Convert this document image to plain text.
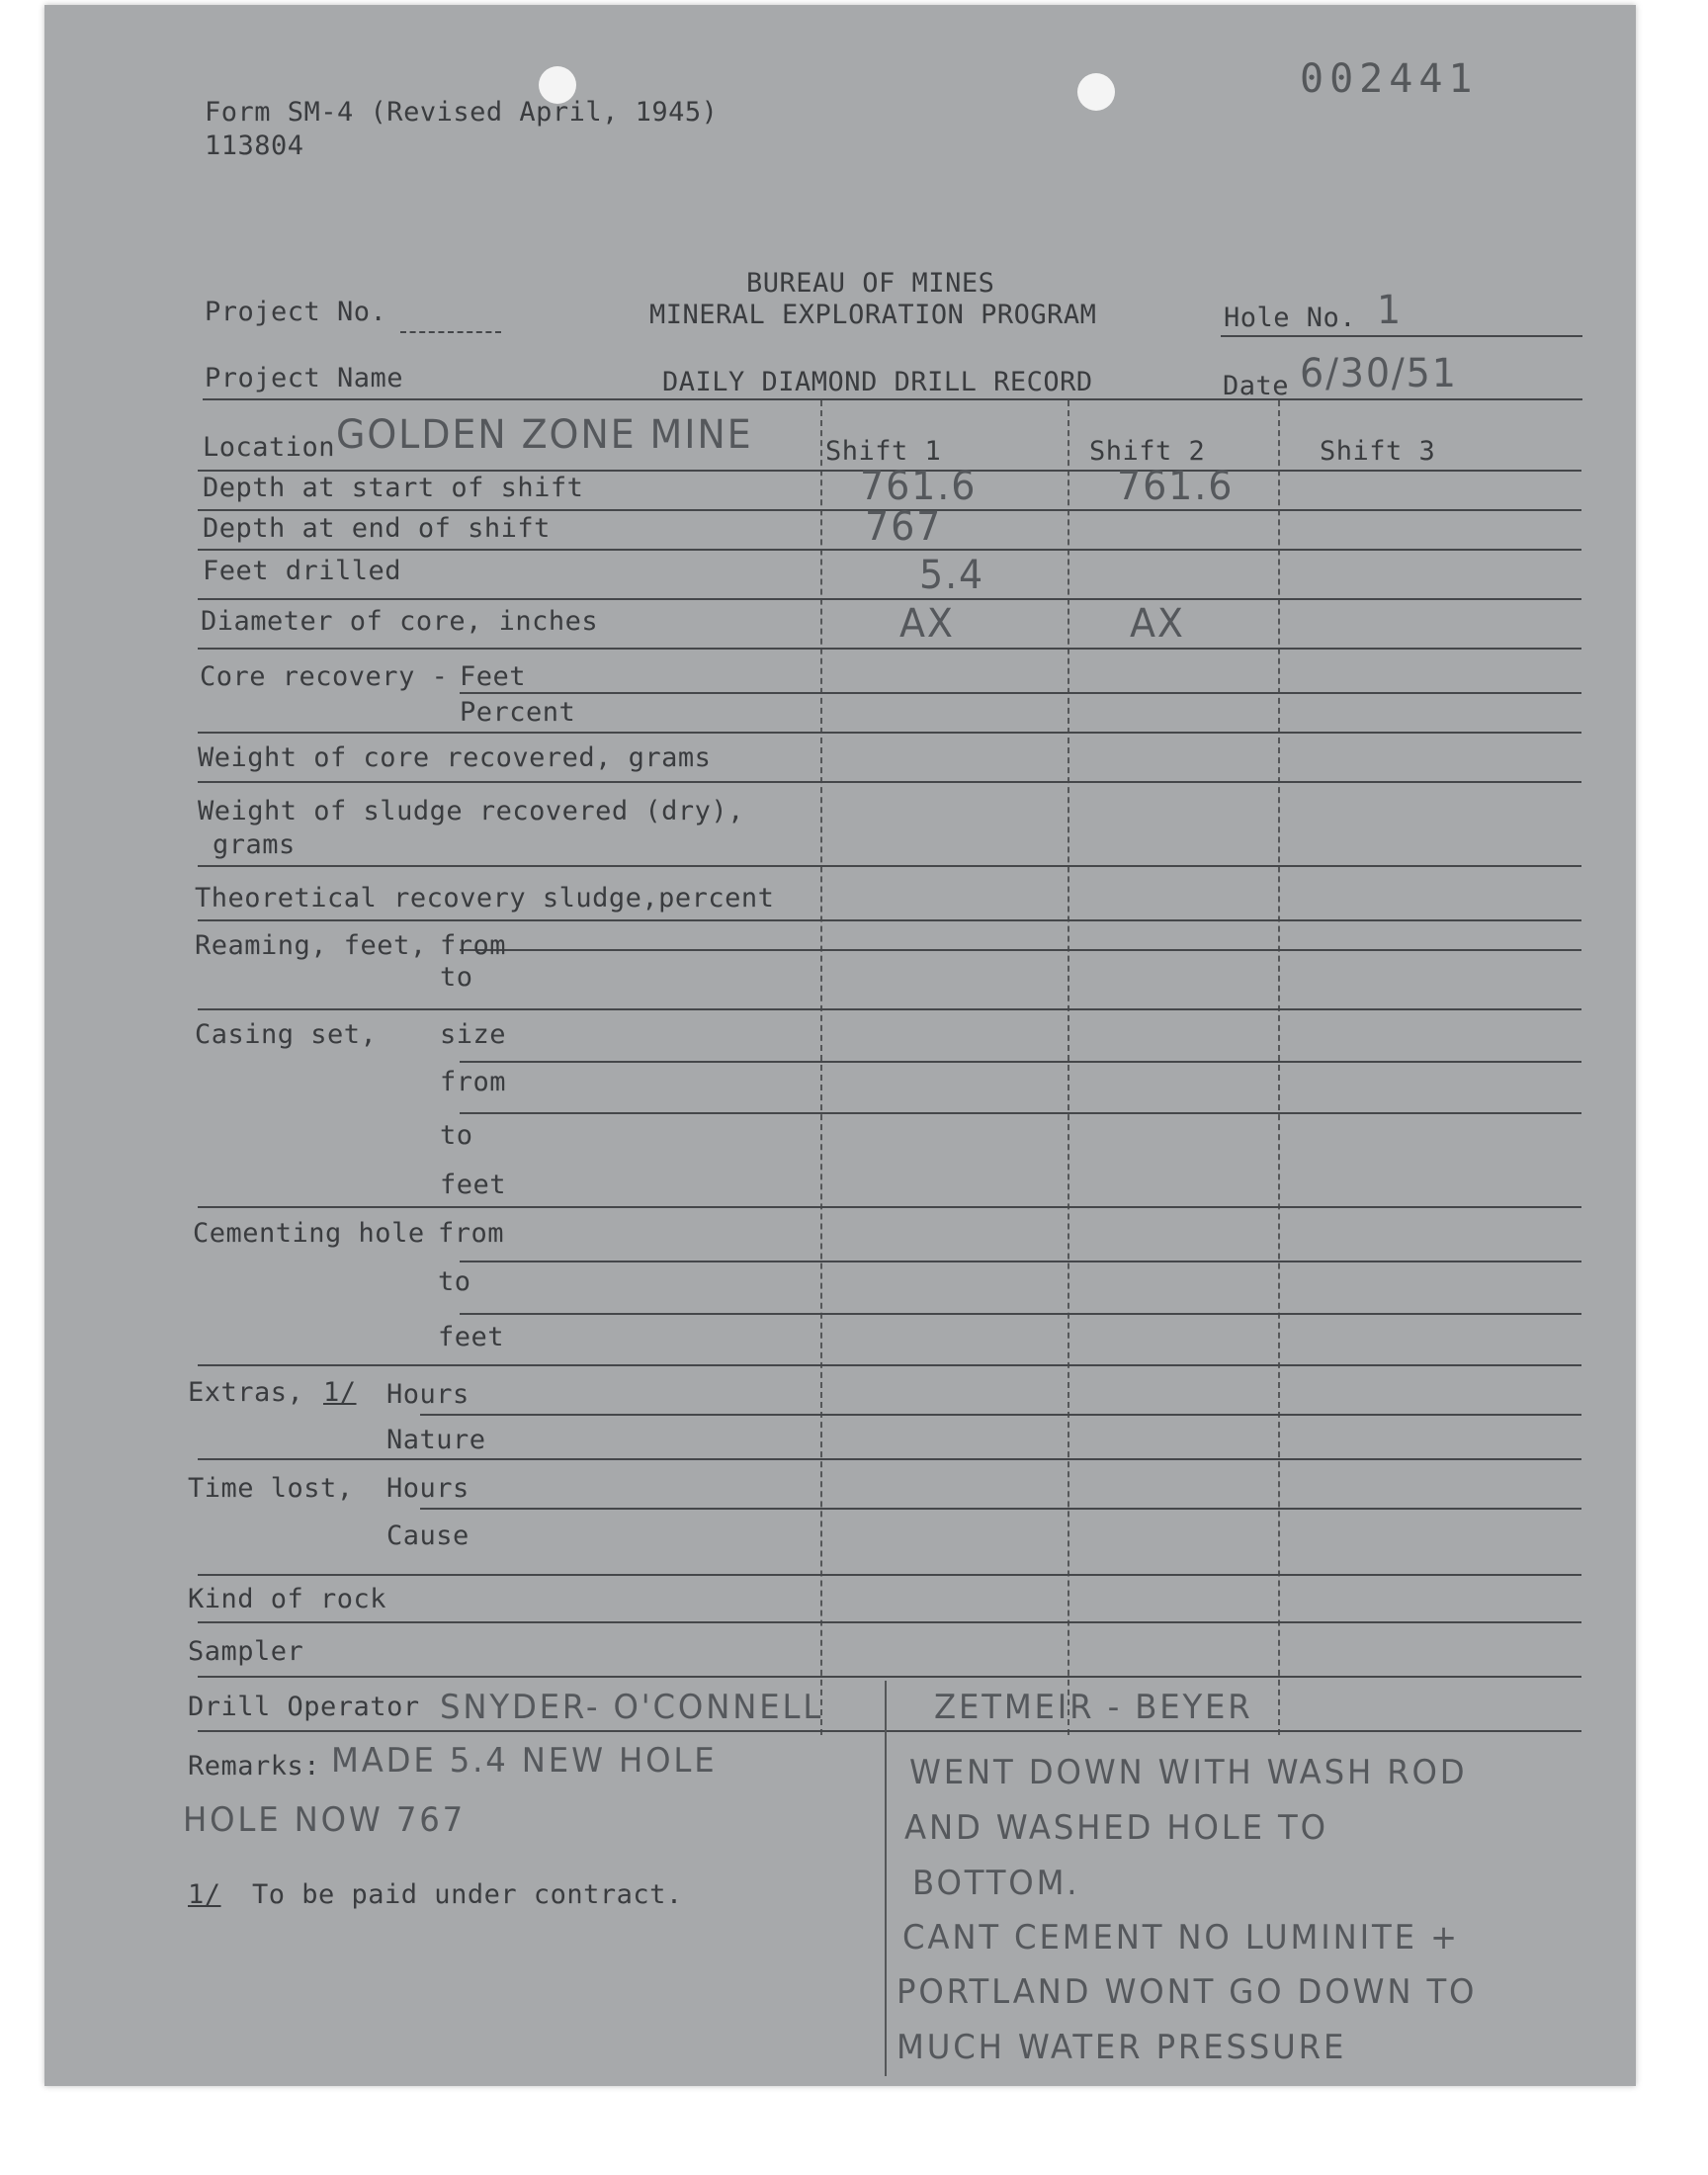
002441
Form SM-4 (Revised April, 1945)
113804
BUREAU OF MINES
MINERAL EXPLORATION PROGRAM
DAILY DIAMOND DRILL RECORD
Project No.	Hole No. 1
Project Name	Date 6/30/51
Location GOLDEN ZONE MINE	Shift 1	Shift 2	Shift 3
Depth at start of shift	761.6	761.6
Depth at end of shift	767
Feet drilled	5.4
Diameter of core, inches	AX	AX
Core recovery - Feet
Percent
Weight of core recovered, grams
Weight of sludge recovered (dry),
grams
Theoretical recovery sludge,percent
Reaming, feet, from
to
Casing set, size
from
to
feet
Cementing hole from
to
feet
Extras, 1/ Hours
Nature
Time lost, Hours
Cause
Kind of rock
Sampler
Drill Operator SNYDER- O'CONNELL	ZETMEIR - BEYER
Remarks: MADE 5.4 NEW HOLE
HOLE NOW 767
WENT DOWN WITH WASH ROD
AND WASHED HOLE TO
BOTTOM.
CANT CEMENT NO LUMINITE +
PORTLAND WONT GO DOWN TO
MUCH WATER PRESSURE
1/ To be paid under contract.
